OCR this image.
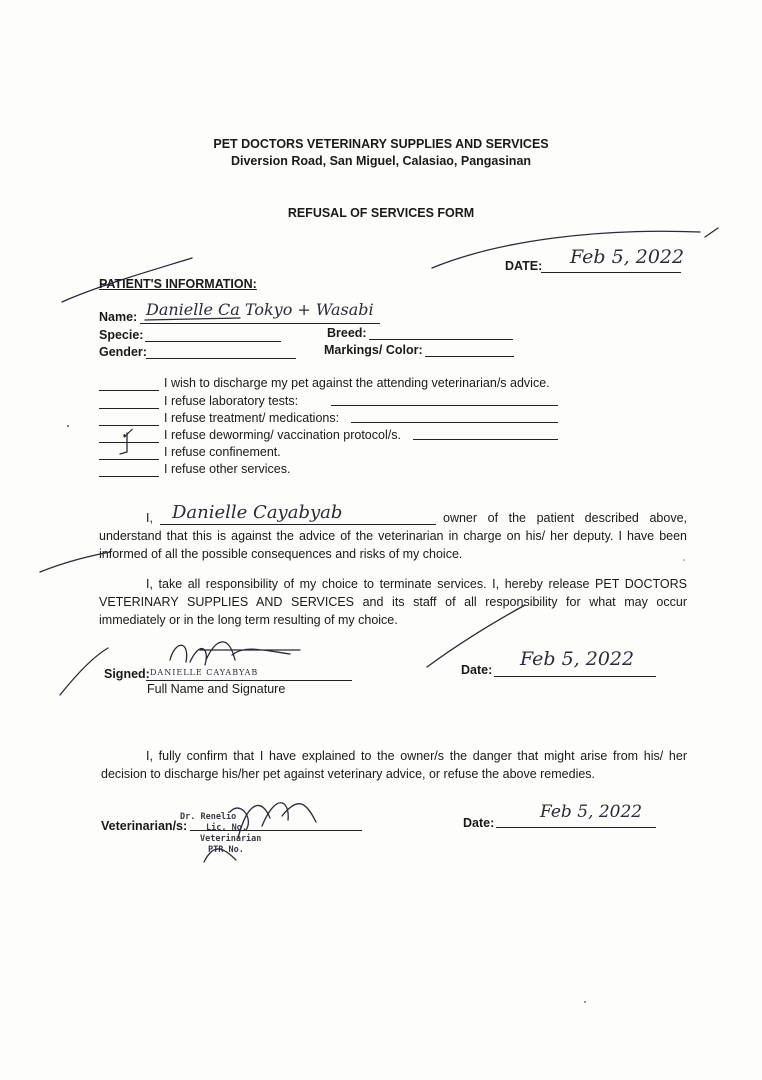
PET DOCTORS VETERINARY SUPPLIES AND SERVICES
Diversion Road, San Miguel, Calasiao, Pangasinan
REFUSAL OF SERVICES FORM
DATE: Feb 5, 2022
PATIENT'S INFORMATION:
Name: Danielle Ca Tokyo + Wasabi
Specie:	Breed:
Gender:	Markings/ Color:
I wish to discharge my pet against the attending veterinarian/s advice.
I refuse laboratory tests:
I refuse treatment/ medications:
✓ I refuse deworming/ vaccination protocol/s.
I refuse confinement.
I refuse other services.
I, Danielle Cayabyab	owner of the patient described above,
understand that this is against the advice of the veterinarian in charge on his/ her deputy. I have been informed of all the possible consequences and risks of my choice.
I, take all responsibility of my choice to terminate services. I, hereby release PET DOCTORS VETERINARY SUPPLIES AND SERVICES and its staff of all responsibility for what may occur immediately or in the long term resulting of my choice.
Signed: DANIELLE CAYABYAB
Full Name and Signature
Date: Feb 5, 2022
I, fully confirm that I have explained to the owner/s the danger that might arise from his/ her decision to discharge his/her pet against veterinary advice, or refuse the above remedies.
Veterinarian/s:
Dr. Renelio
Lic. No.
Veterinarian
PTR No.
Date:
Feb 5, 2022
